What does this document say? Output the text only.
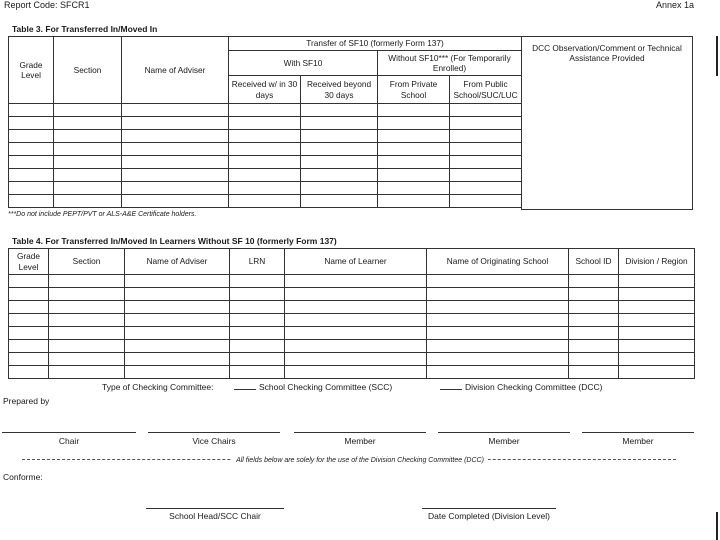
Report Code: SFCR1	Annex 1a
Table 3. For Transferred In/Moved In
Grade Level	Section	Name of Adviser	Transfer of SF10 (formerly Form 137)			
			With SF10		Without SF10*** (For Temporarily Enrolled)	
			Received w/ in 30 days	Received beyond 30 days	From Private School	From Public School/SUC/LUC

DCC Observation/Comment or Technical Assistance Provided
***Do not include PEPT/PVT or ALS-A&E Certificate holders.
Table 4. For Transferred In/Moved In Learners Without SF 10 (formerly Form 137)
Grade Level	Section	Name of Adviser	LRN	Name of Learner	Name of Originating School	School ID	Division / Region

Type of Checking Committee:	School Checking Committee (SCC)	Division Checking Committee (DCC)
Prepared by
Chair	Vice Chairs	Member	Member	Member
All fields below are solely for the use of the Division Checking Committee (DCC)
Conforme:
School Head/SCC Chair	Date Completed (Division Level)
